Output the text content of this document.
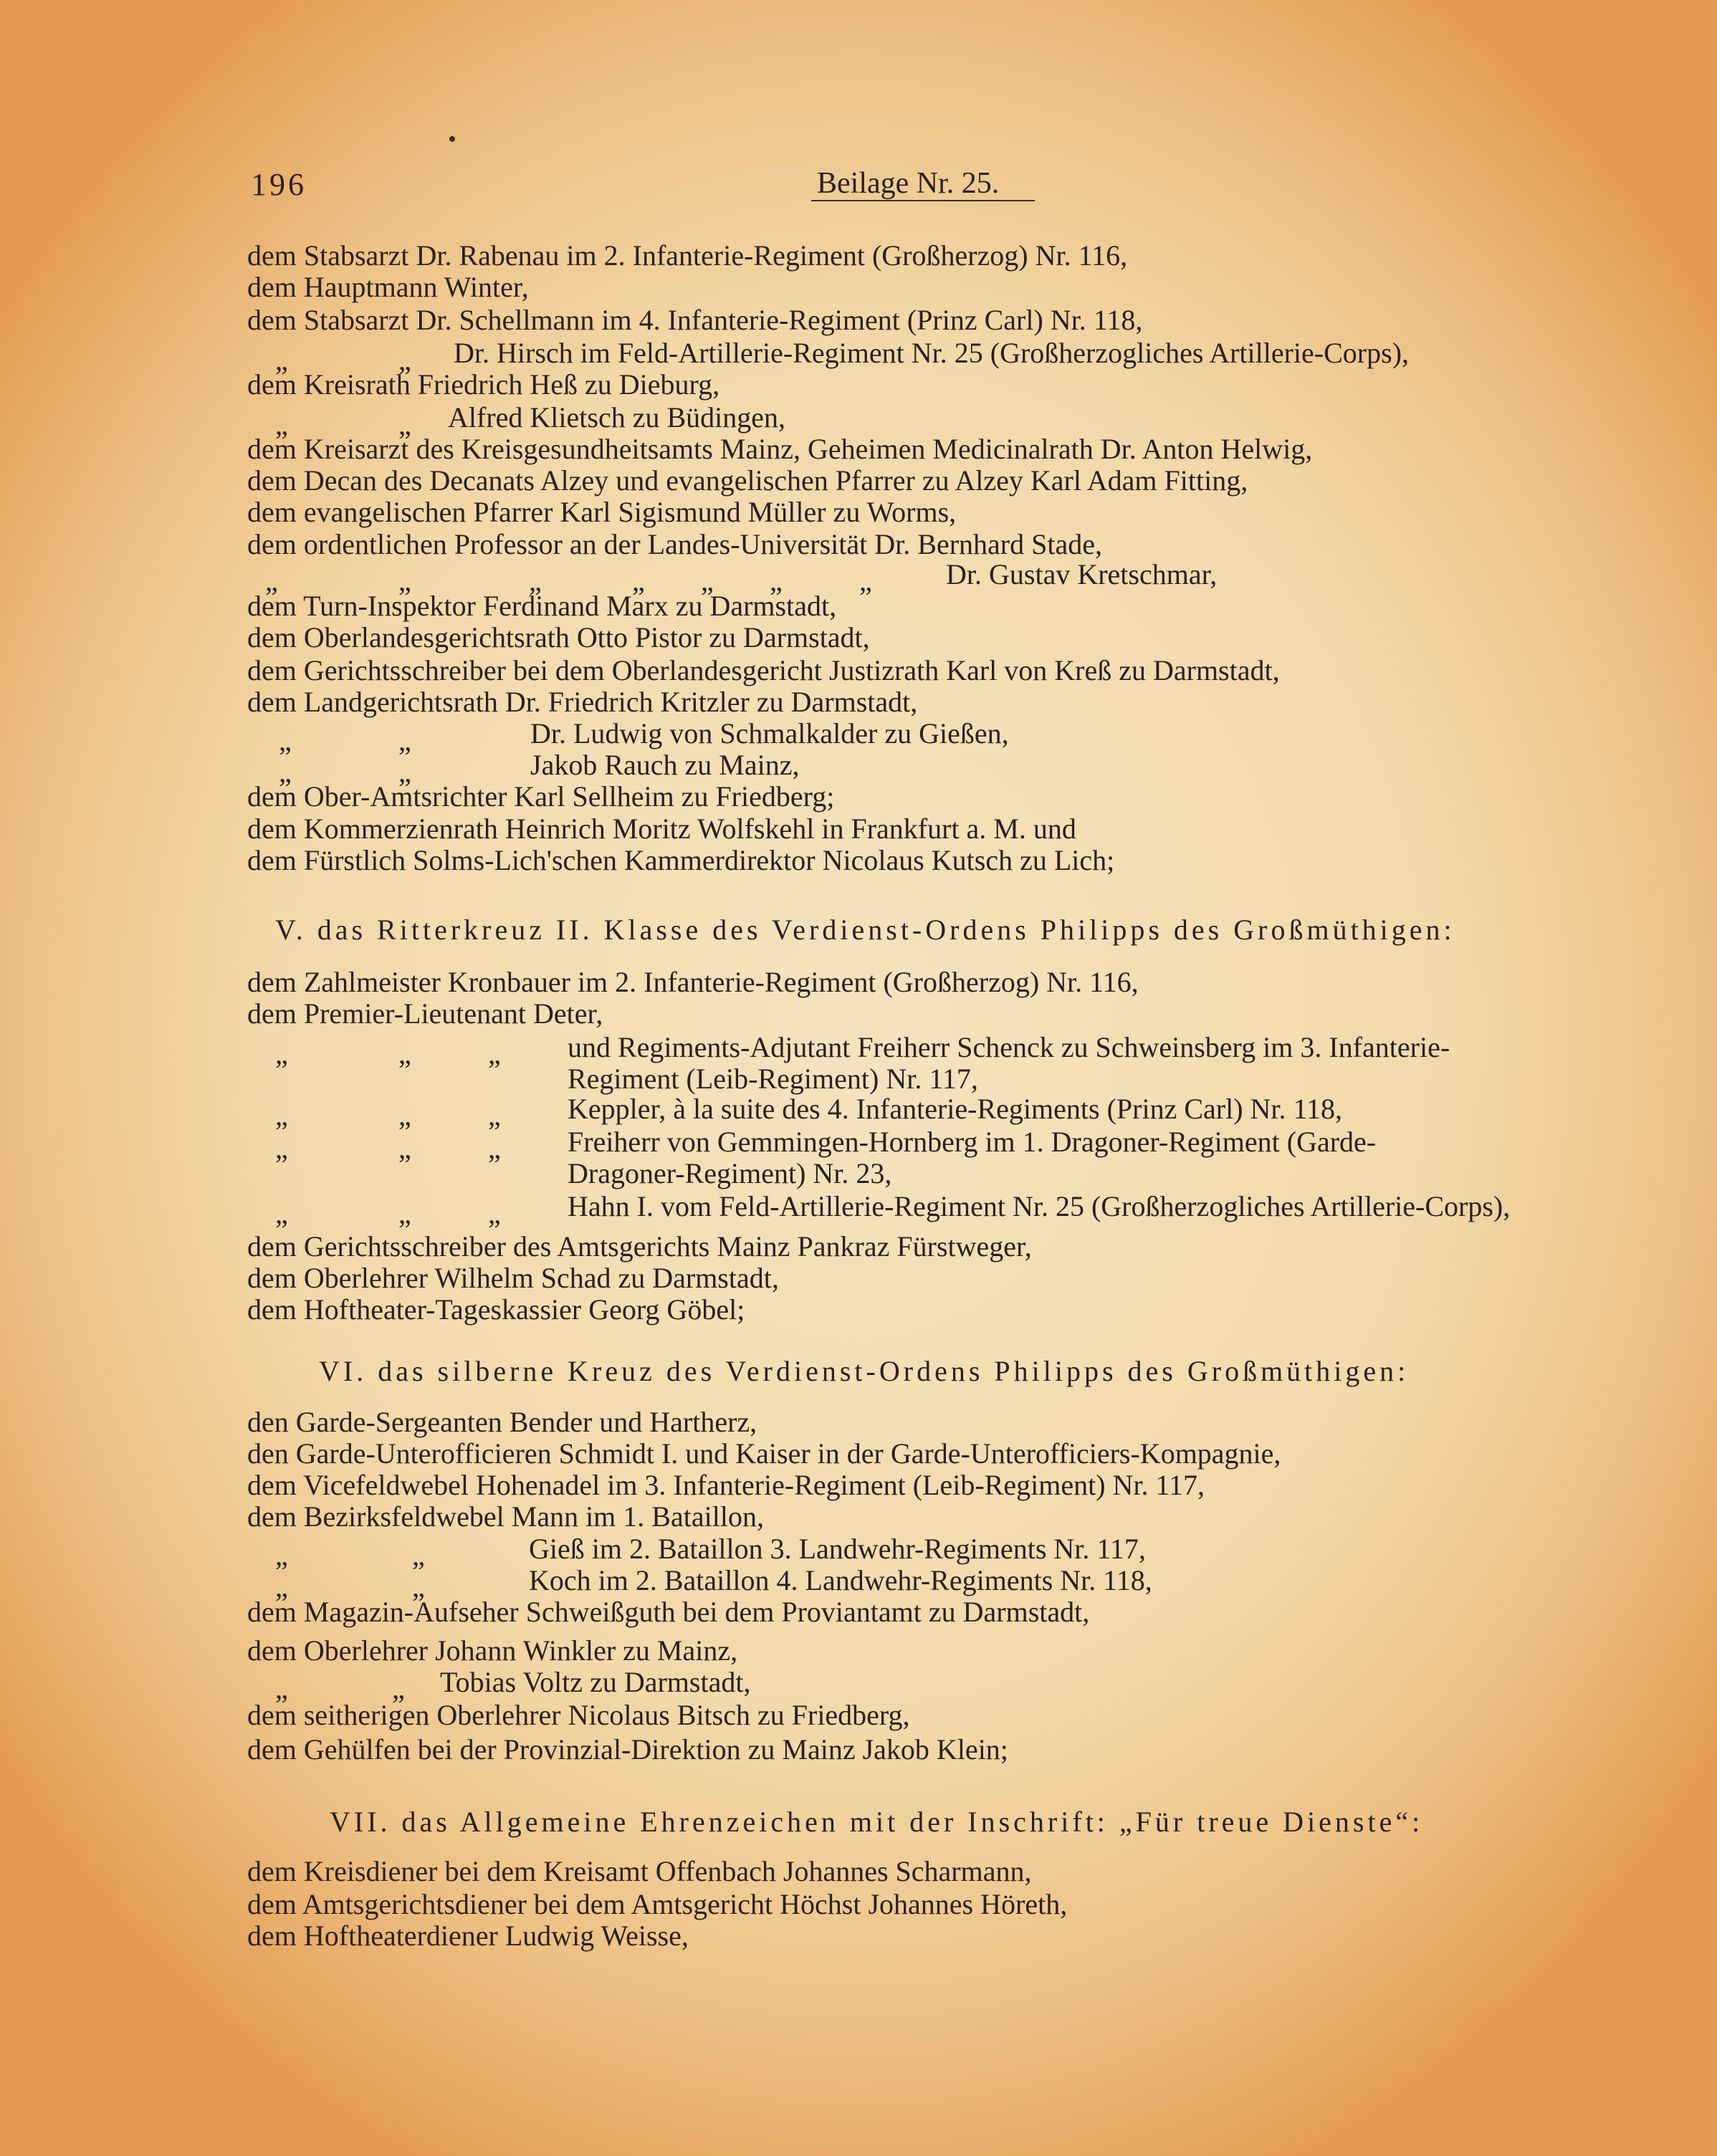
196	Beilage Nr. 25.
dem Stabsarzt Dr. Rabenau im 2. Infanterie-Regiment (Großherzog) Nr. 116,
dem Hauptmann Winter,
dem Stabsarzt Dr. Schellmann im 4. Infanterie-Regiment (Prinz Carl) Nr. 118,
Dr. Hirsch im Feld-Artillerie-Regiment Nr. 25 (Großherzogliches Artillerie-Corps),
„	„
dem Kreisrath Friedrich Heß zu Dieburg,
Alfred Klietsch zu Büdingen,
„	„
dem Kreisarzt des Kreisgesundheitsamts Mainz, Geheimen Medicinalrath Dr. Anton Helwig,
dem Decan des Decanats Alzey und evangelischen Pfarrer zu Alzey Karl Adam Fitting,
dem evangelischen Pfarrer Karl Sigismund Müller zu Worms,
dem ordentlichen Professor an der Landes-Universität Dr. Bernhard Stade,
Dr. Gustav Kretschmar,
„	„	„	„ „ „	„
dem Turn-Inspektor Ferdinand Marx zu Darmstadt,
dem Oberlandesgerichtsrath Otto Pistor zu Darmstadt,
dem Gerichtsschreiber bei dem Oberlandesgericht Justizrath Karl von Kreß zu Darmstadt,
dem Landgerichtsrath Dr. Friedrich Kritzler zu Darmstadt,
Dr. Ludwig von Schmalkalder zu Gießen,
„	„
Jakob Rauch zu Mainz,
„	„
dem Ober-Amtsrichter Karl Sellheim zu Friedberg;
dem Kommerzienrath Heinrich Moritz Wolfskehl in Frankfurt a. M. und
dem Fürstlich Solms-Lich'schen Kammerdirektor Nicolaus Kutsch zu Lich;
V. das Ritterkreuz II. Klasse des Verdienst-Ordens Philipps des Großmüthigen:
dem Zahlmeister Kronbauer im 2. Infanterie-Regiment (Großherzog) Nr. 116,
dem Premier-Lieutenant Deter,
und Regiments-Adjutant Freiherr Schenck zu Schweinsberg im 3. Infanterie-
„	„	„
Regiment (Leib-Regiment) Nr. 117,
Keppler, à la suite des 4. Infanterie-Regiments (Prinz Carl) Nr. 118,
„	„	„
Freiherr von Gemmingen-Hornberg im 1. Dragoner-Regiment (Garde-
„	„	„
Dragoner-Regiment) Nr. 23,
Hahn I. vom Feld-Artillerie-Regiment Nr. 25 (Großherzogliches Artillerie-Corps),
„	„	„
dem Gerichtsschreiber des Amtsgerichts Mainz Pankraz Fürstweger,
dem Oberlehrer Wilhelm Schad zu Darmstadt,
dem Hoftheater-Tageskassier Georg Göbel;
VI. das silberne Kreuz des Verdienst-Ordens Philipps des Großmüthigen:
den Garde-Sergeanten Bender und Hartherz,
den Garde-Unterofficieren Schmidt I. und Kaiser in der Garde-Unterofficiers-Kompagnie,
dem Vicefeldwebel Hohenadel im 3. Infanterie-Regiment (Leib-Regiment) Nr. 117,
dem Bezirksfeldwebel Mann im 1. Bataillon,
Gieß im 2. Bataillon 3. Landwehr-Regiments Nr. 117,
„	„
Koch im 2. Bataillon 4. Landwehr-Regiments Nr. 118,
„	„
dem Magazin-Aufseher Schweißguth bei dem Proviantamt zu Darmstadt,
dem Oberlehrer Johann Winkler zu Mainz,
Tobias Voltz zu Darmstadt,
„	„
dem seitherigen Oberlehrer Nicolaus Bitsch zu Friedberg,
dem Gehülfen bei der Provinzial-Direktion zu Mainz Jakob Klein;
VII. das Allgemeine Ehrenzeichen mit der Inschrift: „Für treue Dienste“:
dem Kreisdiener bei dem Kreisamt Offenbach Johannes Scharmann,
dem Amtsgerichtsdiener bei dem Amtsgericht Höchst Johannes Höreth,
dem Hoftheaterdiener Ludwig Weisse,
